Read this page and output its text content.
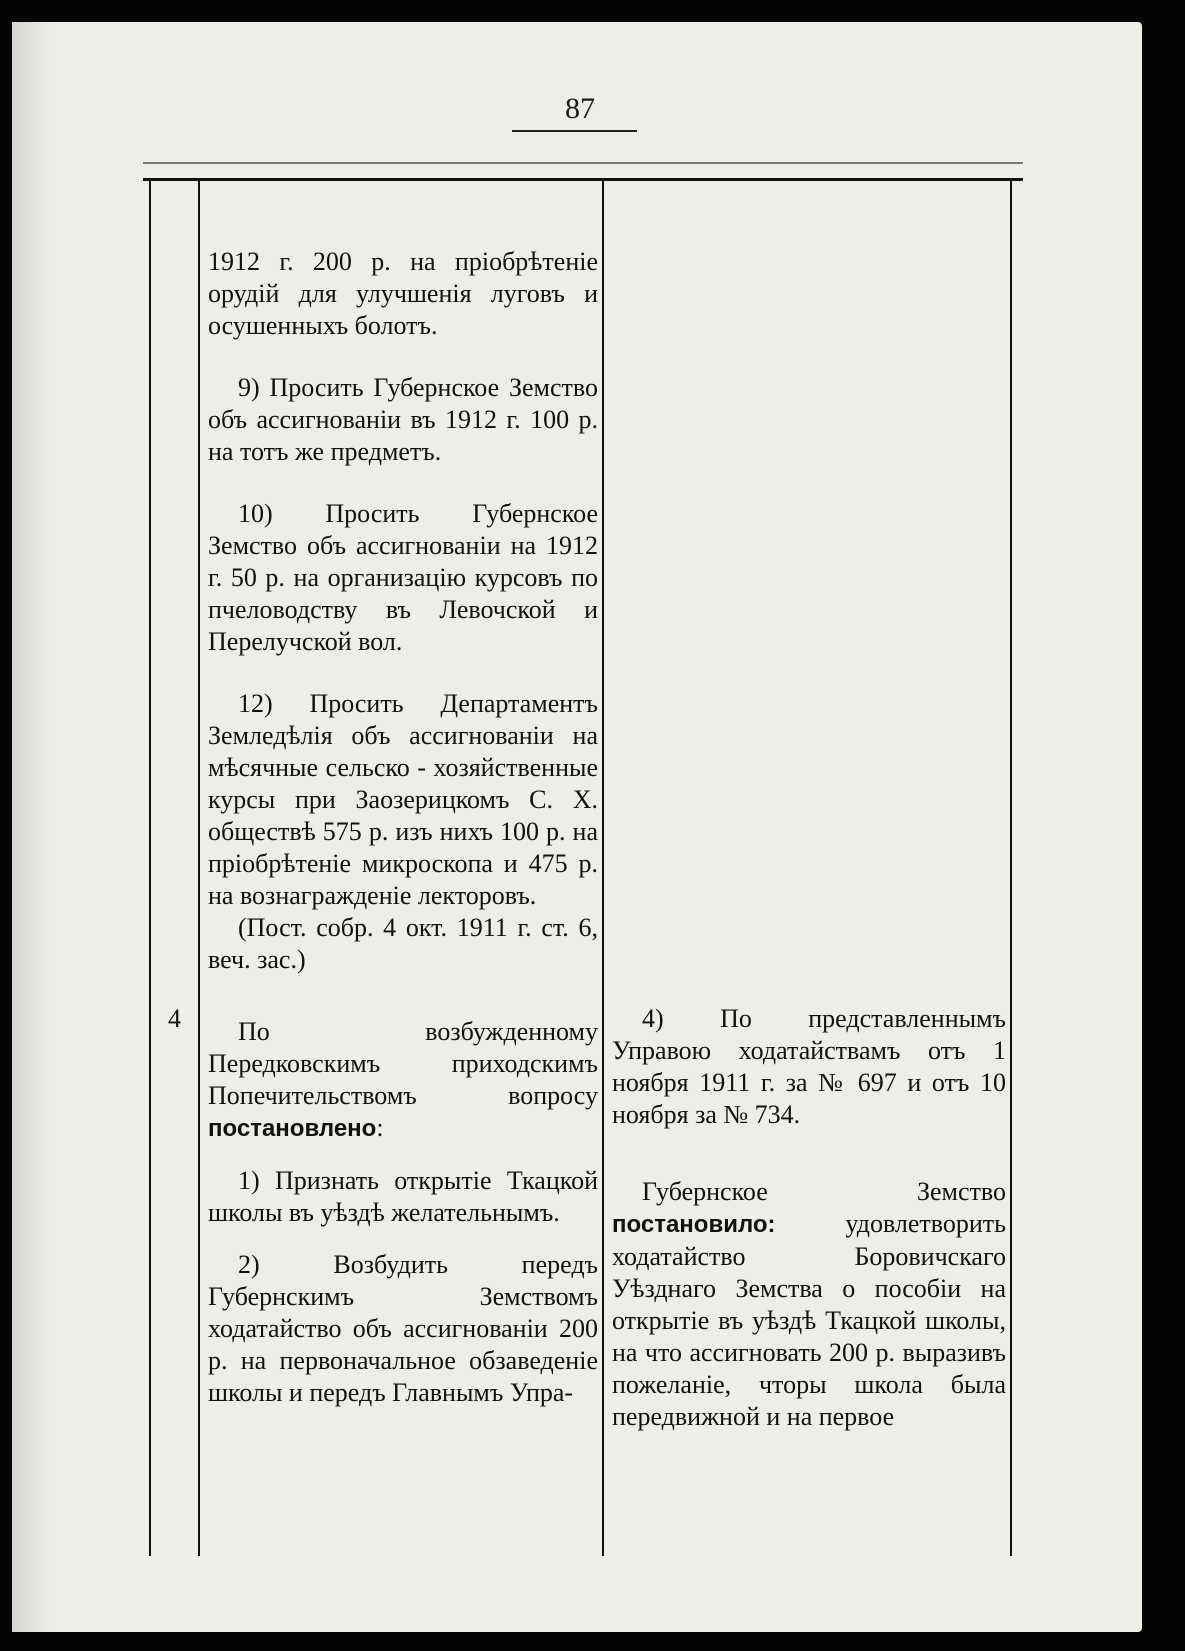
87

1912 г. 200 р. на пріобрѣтеніе орудій для улучшенія луговъ и осушенныхъ болотъ.

9) Просить Губернское Земство объ ассигнованіи въ 1912 г. 100 р. на тотъ же предметъ.

10) Просить Губернское Земство объ ассигнованіи на 1912 г. 50 р. на организацію курсовъ по пчеловодству въ Левочской и Перелучской вол.

12) Просить Департаментъ Земледѣлія объ ассигнованіи на мѣсячные сельско - хозяйственные курсы при Заозерицкомъ С. Х. обществѣ 575 р. изъ нихъ 100 р. на пріобрѣтеніе микроскопа и 475 р. на вознагражденіе лекторовъ.

(Пост. собр. 4 окт. 1911 г. ст. 6, веч. зас.)

По возбужденному Передковскимъ приходскимъ Попечительствомъ вопросу постановлено:

1) Признать открытіе Ткацкой школы въ уѣздѣ желательнымъ.

2) Возбудить передъ Губернскимъ Земствомъ ходатайство объ ассигнованіи 200 р. на первоначальное обзаведеніе школы и передъ Главнымъ Упра-

4	4) По представленнымъ Управою ходатайствамъ отъ 1 ноября 1911 г. за № 697 и отъ 10 ноября за № 734.

Губернское Земство постановило:	удовлетворить ходатайство Боровичскаго Уѣзднаго Земства о пособіи на открытіе въ уѣздѣ Ткацкой школы, на что ассигновать 200 р. выразивъ пожеланіе, чторы школа была передвижной и на первое
